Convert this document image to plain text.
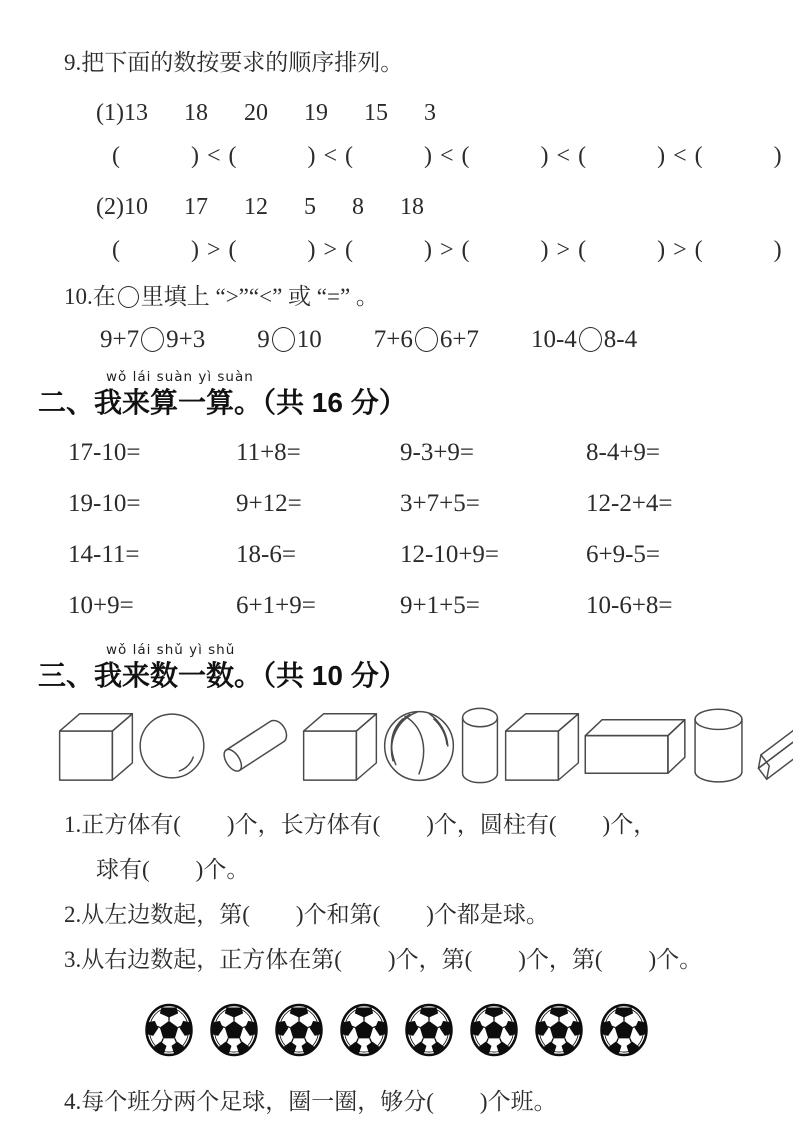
9.把下面的数按要求的顺序排列。
(1)13      18      20      19      15      3
(          ) < (          ) < (          ) < (          ) < (          ) < (          )
(2)10      17      12      5      8      18
(          ) > (          ) > (          ) > (          ) > (          ) > (          )
10.在 里填上 “>”“<” 或 “=” 。
9+7 9+3 9 10 7+6 6+7 10-4 8-4
wǒ lái suàn yì suàn
二、我来算一算。（共 16 分）
17-10=	11+8=	9-3+9=	8-4+9=
19-10=	9+12=	3+7+5=	12-2+4=
14-11=	18-6=	12-10+9=	6+9-5=
10+9=	6+1+9=	9+1+5=	10-6+8=
wǒ lái shǔ yì shǔ
三、我来数一数。（共 10 分）
1.正方体有(        )个，长方体有(        )个，圆柱有(        )个，
球有(        )个。
2.从左边数起，第(        )个和第(        )个都是球。
3.从右边数起，正方体在第(        )个，第(        )个，第(        )个。
4.每个班分两个足球，圈一圈，够分(        )个班。
